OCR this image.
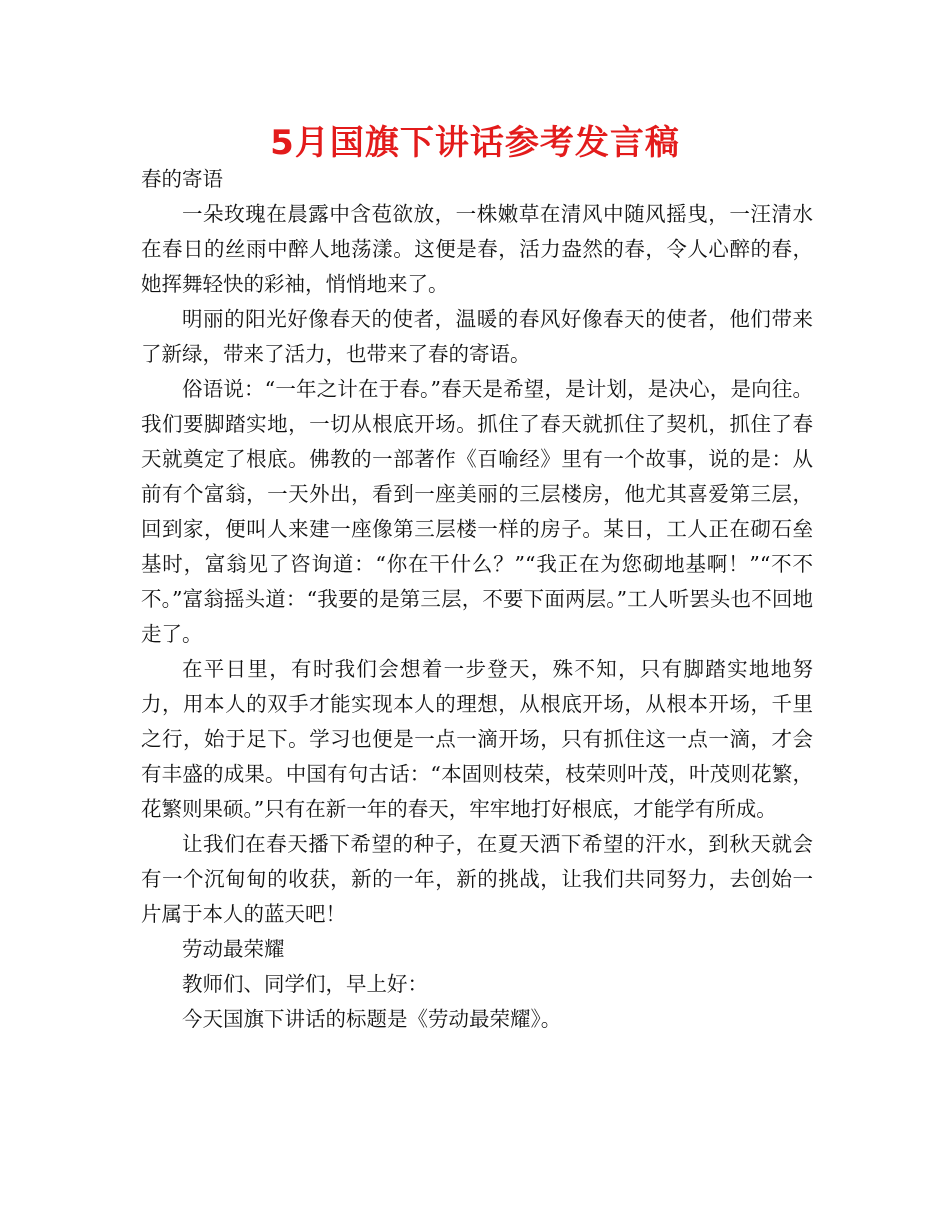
5月国旗下讲话参考发言稿

春的寄语

一朵玫瑰在晨露中含苞欲放，一株嫩草在清风中随风摇曳，一汪清水在春日的丝雨中醉人地荡漾。这便是春，活力盎然的春，令人心醉的春，她挥舞轻快的彩袖，悄悄地来了。

明丽的阳光好像春天的使者，温暖的春风好像春天的使者，他们带来了新绿，带来了活力，也带来了春的寄语。

俗语说：“一年之计在于春。”春天是希望，是计划，是决心，是向往。我们要脚踏实地，一切从根底开场。抓住了春天就抓住了契机，抓住了春天就奠定了根底。佛教的一部著作《百喻经》里有一个故事，说的是：从前有个富翁，一天外出，看到一座美丽的三层楼房，他尤其喜爱第三层，回到家，便叫人来建一座像第三层楼一样的房子。某日，工人正在砌石垒基时，富翁见了咨询道：“你在干什么？”“我正在为您砌地基啊！”“不不不。”富翁摇头道：“我要的是第三层，不要下面两层。”工人听罢头也不回地走了。

在平日里，有时我们会想着一步登天，殊不知，只有脚踏实地地努力，用本人的双手才能实现本人的理想，从根底开场，从根本开场，千里之行，始于足下。学习也便是一点一滴开场，只有抓住这一点一滴，才会有丰盛的成果。中国有句古话：“本固则枝荣，枝荣则叶茂，叶茂则花繁，花繁则果硕。”只有在新一年的春天，牢牢地打好根底，才能学有所成。

让我们在春天播下希望的种子，在夏天洒下希望的汗水，到秋天就会有一个沉甸甸的收获，新的一年，新的挑战，让我们共同努力，去创始一片属于本人的蓝天吧！

劳动最荣耀

教师们、同学们，早上好：

今天国旗下讲话的标题是《劳动最荣耀》。
